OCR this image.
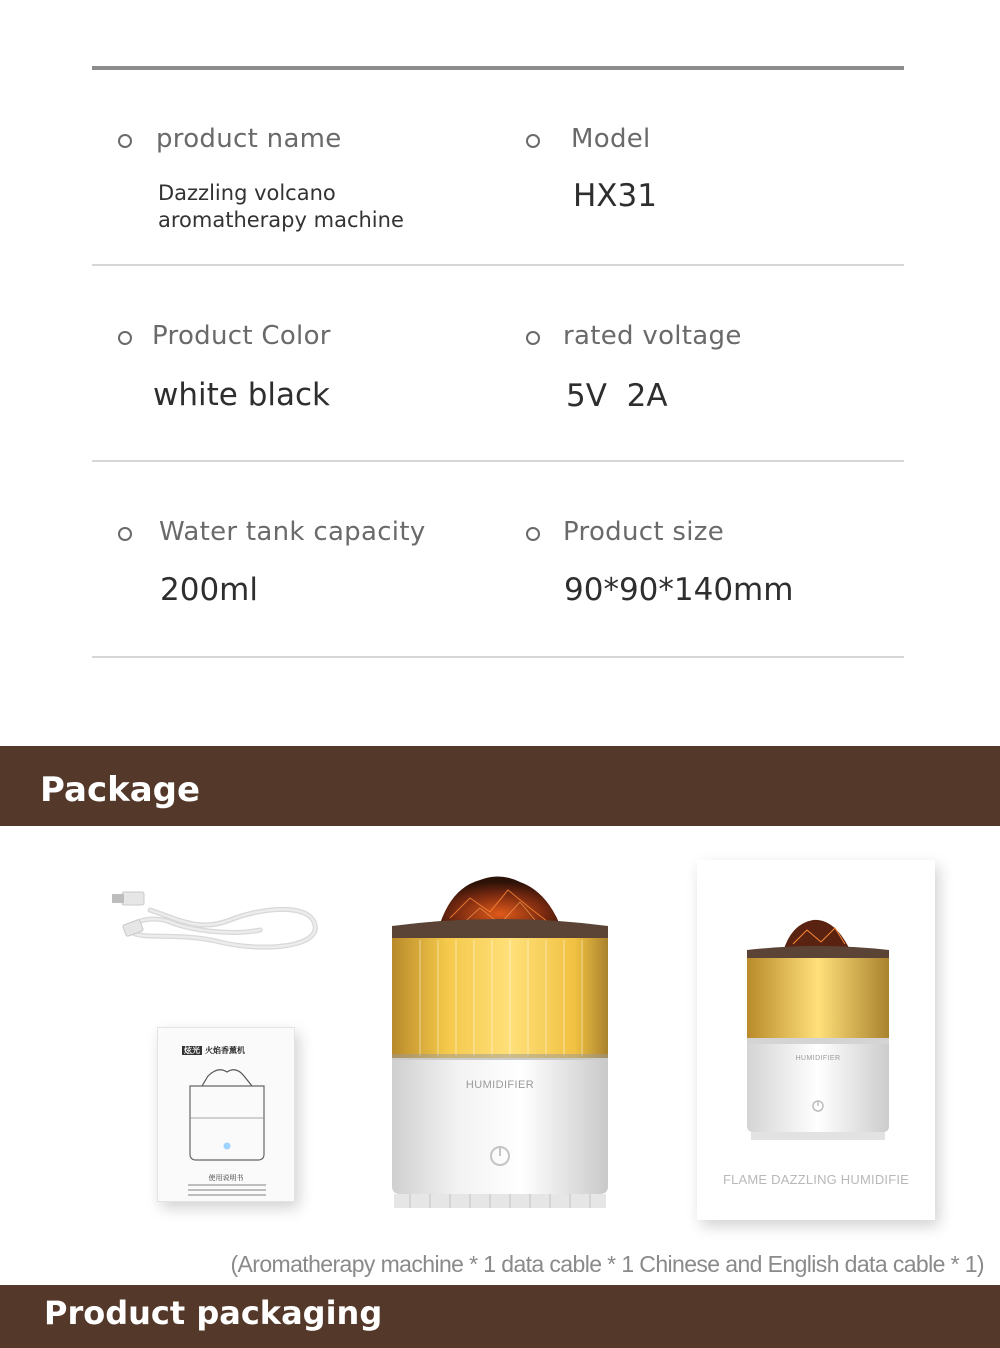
product name
Dazzling volcano aromatherapy machine
Model
HX31
Product Color
white black
rated voltage
5V  2A
Water tank capacity
200ml
Product size
90*90*140mm
Package
炫光 火焰香薰机
使用说明书
HUMIDIFIER
HUMIDIFIER
FLAME DAZZLING HUMIDIFIE
(Aromatherapy machine * 1 data cable * 1 Chinese and English data cable * 1)
Product packaging
